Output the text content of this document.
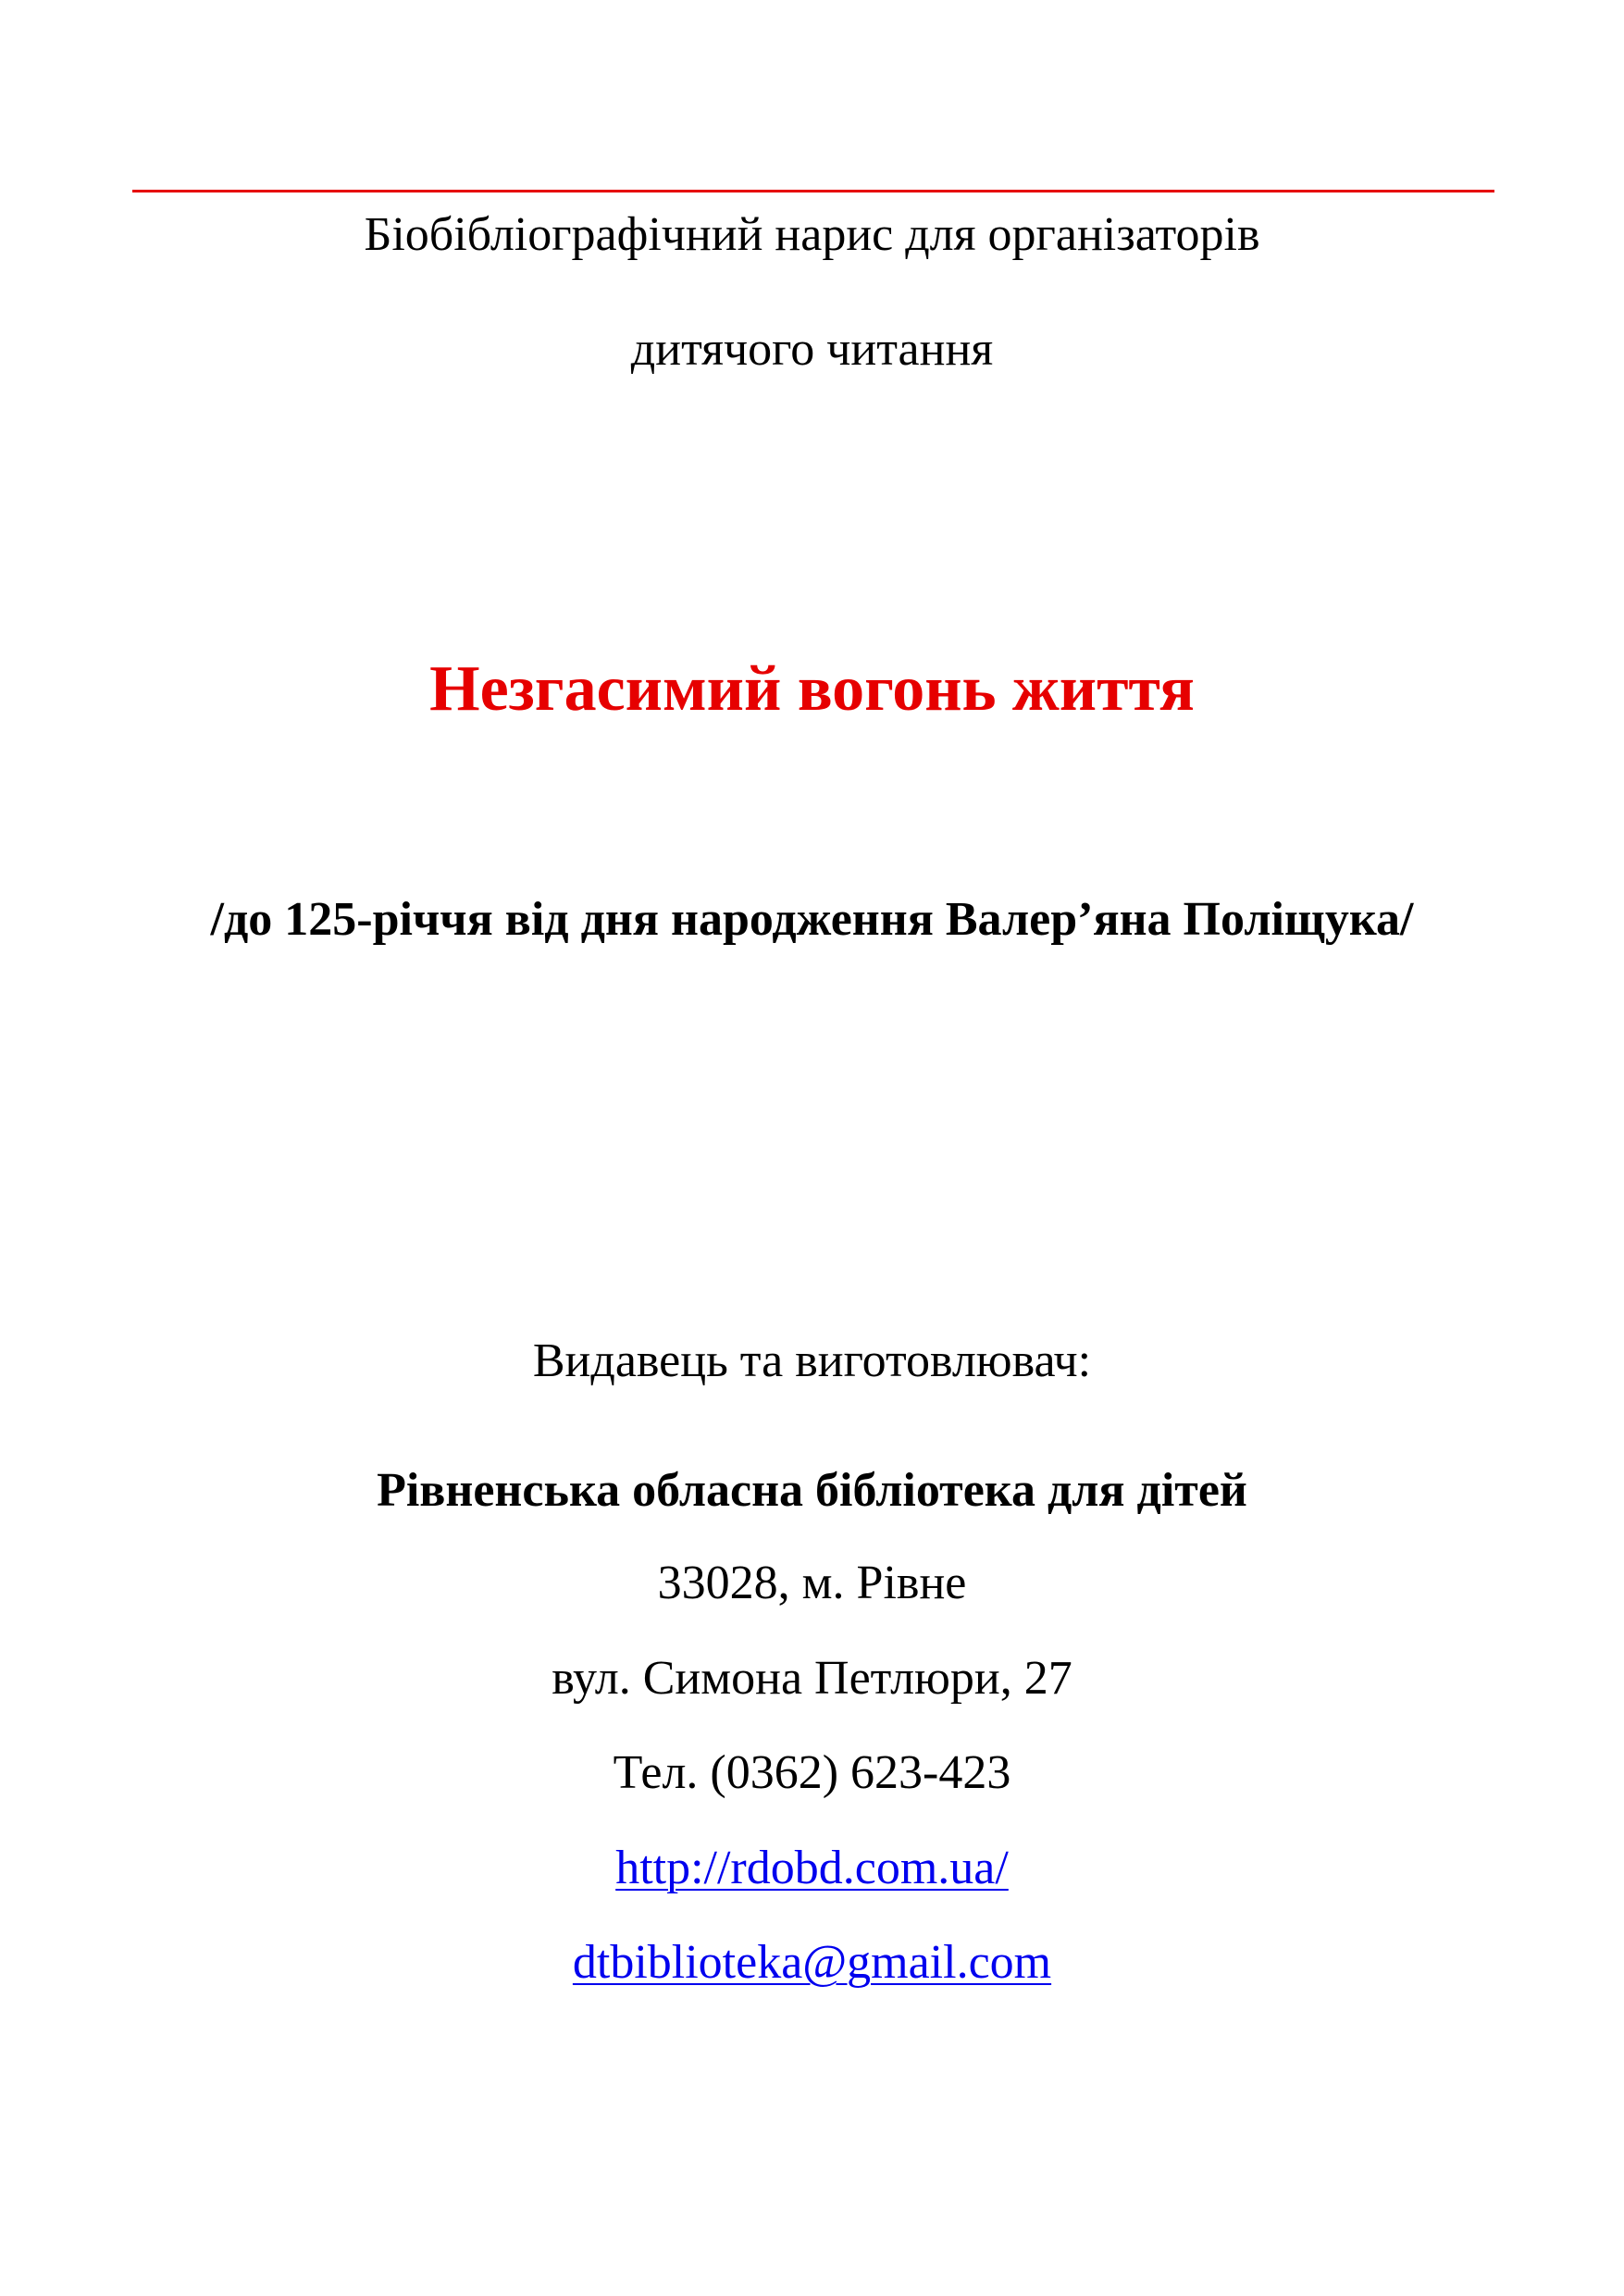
Біобібліографічний нарис для організаторів
дитячого читання
Незгасимий вогонь життя
/до 125-річчя від дня народження Валер’яна Поліщука/
Видавець та виготовлювач:
Рівненська обласна бібліотека для дітей
33028, м. Рівне
вул. Симона Петлюри, 27
Тел. (0362) 623-423
http://rdobd.com.ua/
dtbiblioteka@gmail.com
